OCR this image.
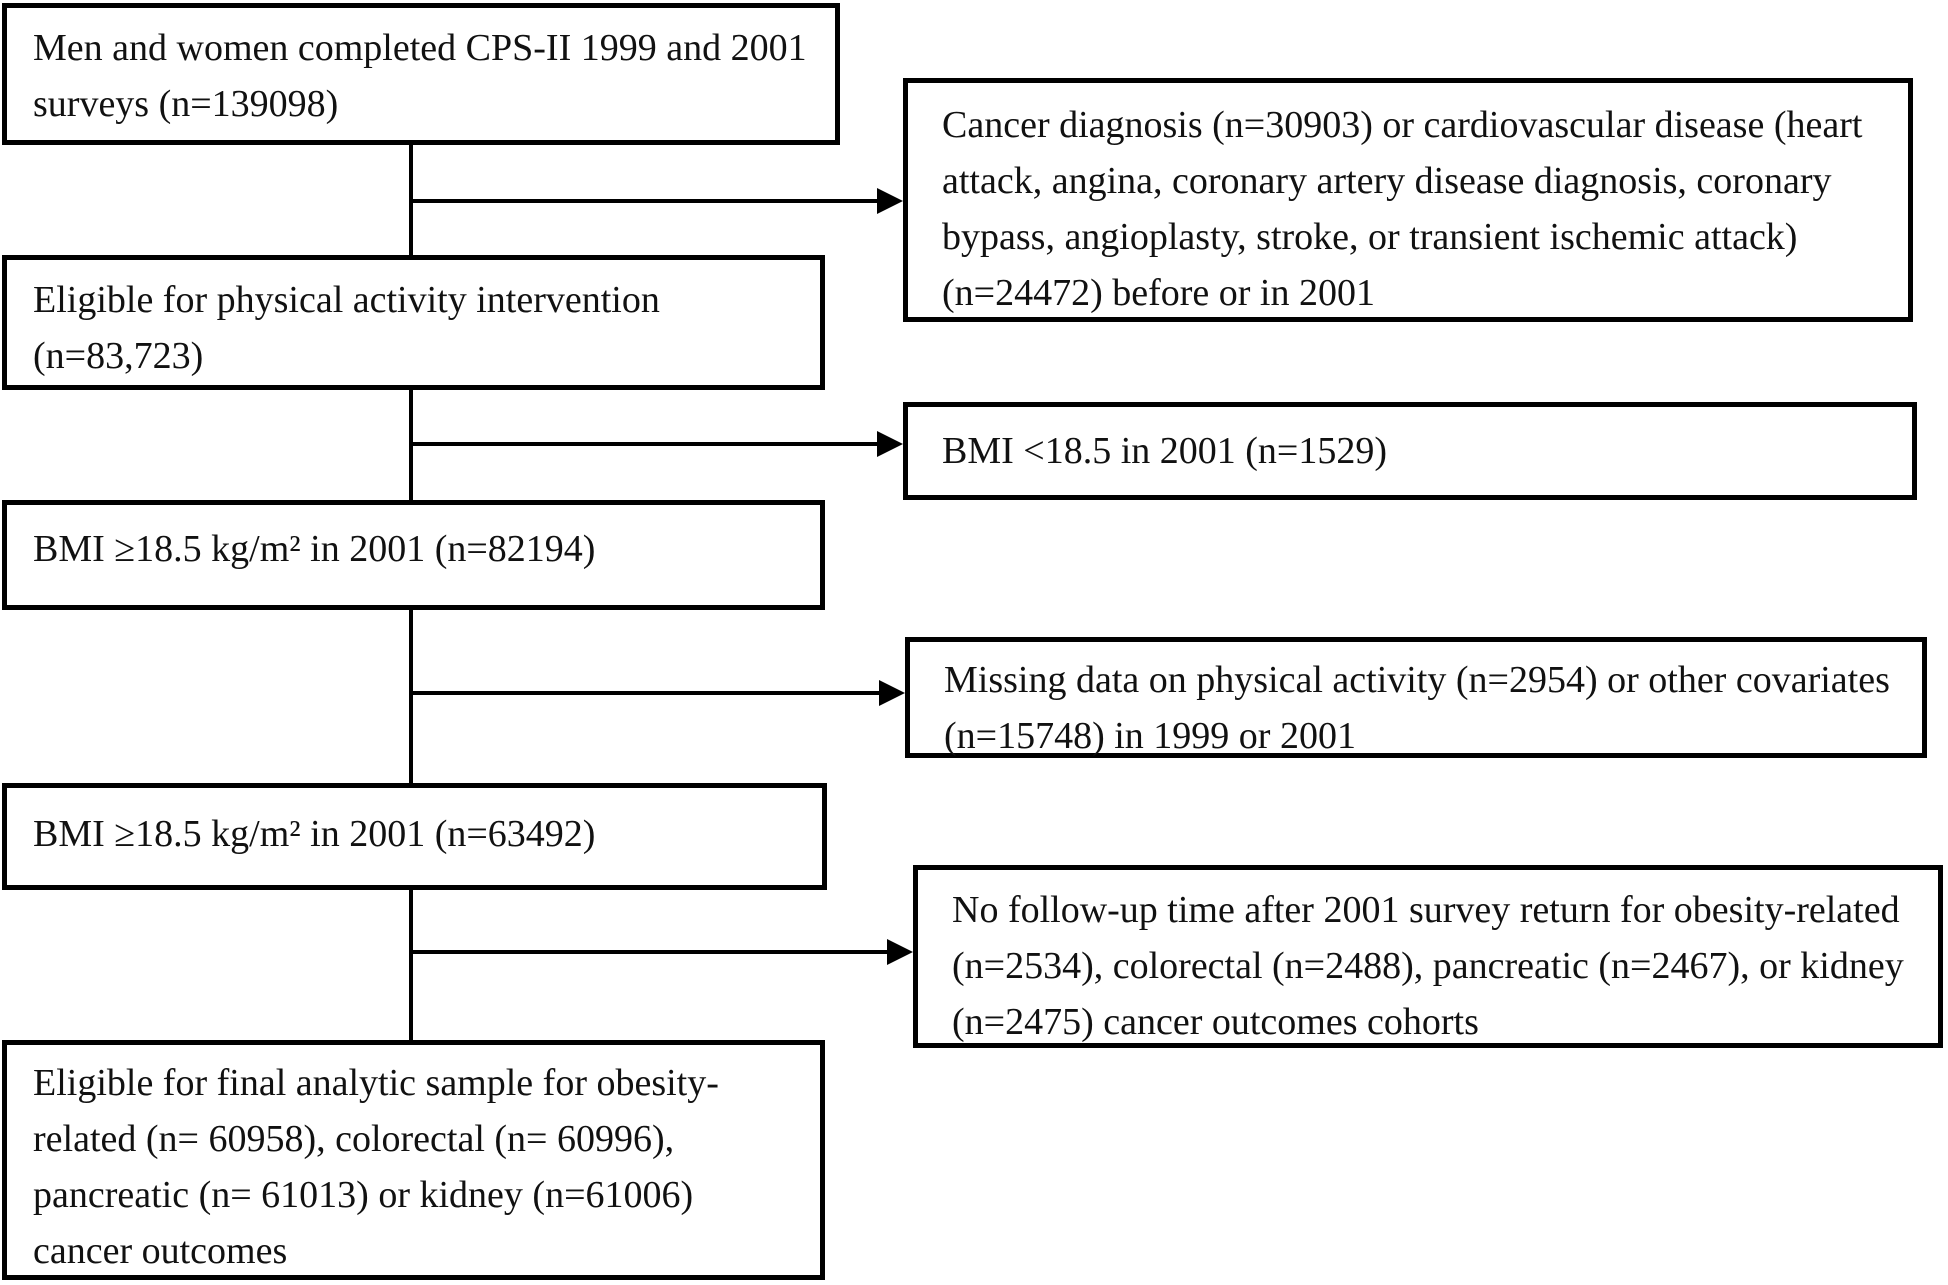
Men and women completed CPS-II 1999 and 2001
surveys (n=139098)
Eligible for physical activity intervention
(n=83,723)
BMI ≥18.5 kg/m² in 2001 (n=82194)
BMI ≥18.5 kg/m² in 2001 (n=63492)
Eligible for final analytic sample for obesity-
related (n= 60958), colorectal (n= 60996),
pancreatic (n= 61013) or kidney (n=61006)
cancer outcomes
Cancer diagnosis (n=30903) or cardiovascular disease (heart
attack, angina, coronary artery disease diagnosis, coronary
bypass, angioplasty, stroke, or transient ischemic attack)
(n=24472) before or in 2001
BMI <18.5 in 2001 (n=1529)
Missing data on physical activity (n=2954) or other covariates
(n=15748) in 1999 or 2001
No follow-up time after 2001 survey return for obesity-related
(n=2534), colorectal (n=2488), pancreatic (n=2467), or kidney
(n=2475) cancer outcomes cohorts
